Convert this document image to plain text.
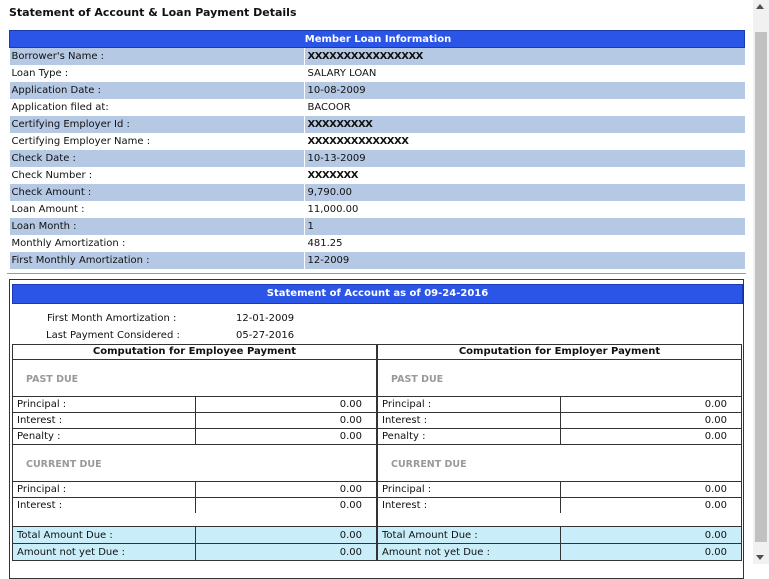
Statement of Account & Loan Payment Details
Member Loan Information	
Borrower's Name :	XXXXXXXXXXXXXXXX
Loan Type :	SALARY LOAN
Application Date :	10-08-2009
Application filed at:	BACOOR
Certifying Employer Id :	XXXXXXXXX
Certifying Employer Name :	XXXXXXXXXXXXXX
Check Date :	10-13-2009
Check Number :	XXXXXXX
Check Amount :	9,790.00
Loan Amount :	11,000.00
Loan Month :	1
Monthly Amortization :	481.25
First Monthly Amortization :	12-2009
Statement of Account as of 09-24-2016
First Month Amortization :	12-01-2009
Last Payment Considered :	05-27-2016
Computation for Employee Payment
PAST DUE
Principal :	0.00
Interest :	0.00
Penalty :	0.00
CURRENT DUE
Principal :	0.00
Interest :	0.00
Computation for Employer Payment
PAST DUE
Principal :	0.00
Interest :	0.00
Penalty :	0.00
CURRENT DUE
Principal :	0.00
Interest :	0.00
Total Amount Due :	0.00
Amount not yet Due :	0.00
Total Amount Due :	0.00
Amount not yet Due :	0.00
